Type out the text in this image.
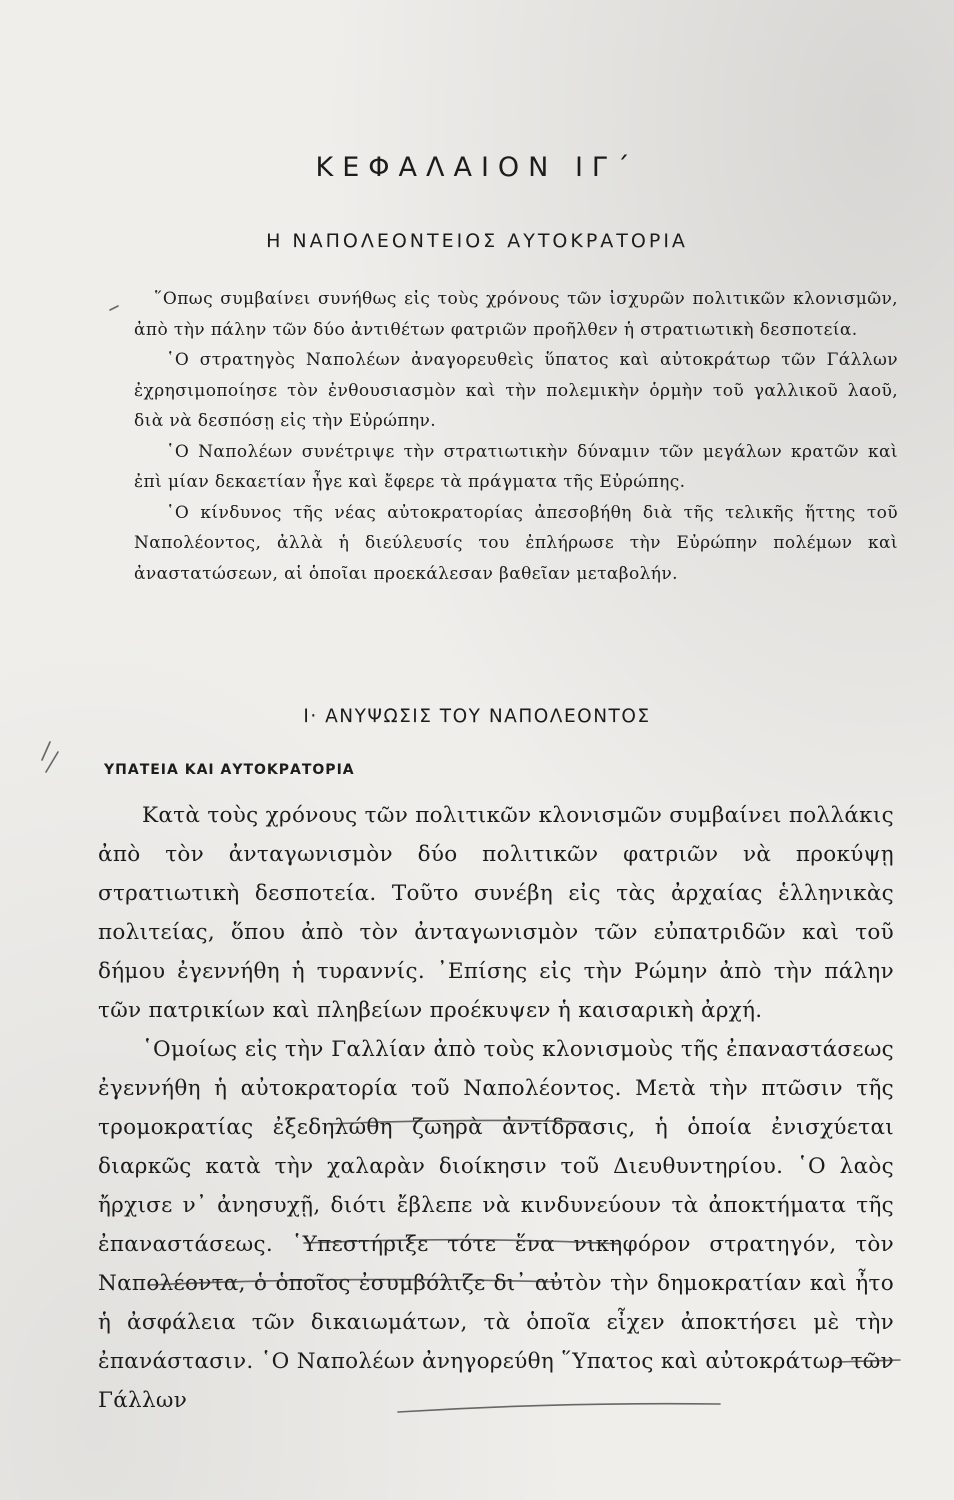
ΚΕΦΑΛΑΙΟΝ ΙΓ΄
Η ΝΑΠΟΛΕΟΝΤΕΙΟΣ ΑΥΤΟΚΡΑΤΟΡΙΑ

῞Οπως συμβαίνει συνήθως εἰς τοὺς χρόνους τῶν ἰσχυρῶν πολιτικῶν κλονισμῶν, ἀπὸ τὴν πάλην τῶν δύο ἀντιθέτων φατριῶν προῆλθεν ἡ στρατιωτικὴ δεσποτεία.

῾Ο στρατηγὸς Ναπολέων ἀναγορευθεὶς ὕπατος καὶ αὐτοκράτωρ τῶν Γάλλων ἐχρησιμοποίησε τὸν ἐνθουσιασμὸν καὶ τὴν πολεμικὴν ὁρμὴν τοῦ γαλλικοῦ λαοῦ, διὰ νὰ δεσπόσῃ εἰς τὴν Εὐρώπην.

῾Ο Ναπολέων συνέτριψε τὴν στρατιωτικὴν δύναμιν τῶν μεγάλων κρατῶν καὶ ἐπὶ μίαν δεκαετίαν ἦγε καὶ ἔφερε τὰ πράγματα τῆς Εὐρώπης.

῾Ο κίνδυνος τῆς νέας αὐτοκρατορίας ἀπεσοβήθη διὰ τῆς τελικῆς ἥττης τοῦ Ναπολέοντος, ἀλλὰ ἡ διεύλευσίς του ἐπλήρωσε τὴν Εὐρώπην πολέμων καὶ ἀναστατώσεων, αἱ ὁποῖαι προεκάλεσαν βαθεῖαν μεταβολήν.

Ι· ΑΝΥΨΩΣΙΣ ΤΟΥ ΝΑΠΟΛΕΟΝΤΟΣ
ΥΠΑΤΕΙΑ ΚΑΙ ΑΥΤΟΚΡΑΤΟΡΙΑ

Κατὰ τοὺς χρόνους τῶν πολιτικῶν κλονισμῶν συμβαίνει πολλάκις ἀπὸ τὸν ἀνταγωνισμὸν δύο πολιτικῶν φατριῶν νὰ προκύψῃ στρατιωτικὴ δεσποτεία. Τοῦτο συνέβη εἰς τὰς ἀρχαίας ἑλληνικὰς πολιτείας, ὅπου ἀπὸ τὸν ἀνταγωνισμὸν τῶν εὐπατριδῶν καὶ τοῦ δήμου ἐγεννήθη ἡ τυραννίς. ᾿Επίσης εἰς τὴν Ρώμην ἀπὸ τὴν πάλην τῶν πατρικίων καὶ πληβείων προέκυψεν ἡ καισαρικὴ ἀρχή.

῾Ομοίως εἰς τὴν Γαλλίαν ἀπὸ τοὺς κλονισμοὺς τῆς ἐπαναστάσεως ἐγεννήθη ἡ αὐτοκρατορία τοῦ Ναπολέοντος. Μετὰ τὴν πτῶσιν τῆς τρομοκρατίας ἐξεδηλώθη ζωηρὰ ἀντίδρασις, ἡ ὁποία ἐνισχύεται διαρκῶς κατὰ τὴν χαλαρὰν διοίκησιν τοῦ Διευθυντηρίου. ῾Ο λαὸς ἤρχισε ν᾿ ἀνησυχῇ, διότι ἔβλεπε νὰ κινδυνεύουν τὰ ἀποκτήματα τῆς ἐπαναστάσεως. ῾Υπεστήριξε τότε ἕνα νικηφόρον στρατηγόν, τὸν Ναπολέοντα, ὁ ὁποῖος ἐσυμβόλιζε δι᾿ αὐτὸν τὴν δημοκρατίαν καὶ ἦτο ἡ ἀσφάλεια τῶν δικαιωμάτων, τὰ ὁποῖα εἶχεν ἀποκτήσει μὲ τὴν ἐπανάστασιν. ῾Ο Ναπολέων ἀνηγορεύθη ῞Υπατος καὶ αὐτοκράτωρ τῶν Γάλλων
